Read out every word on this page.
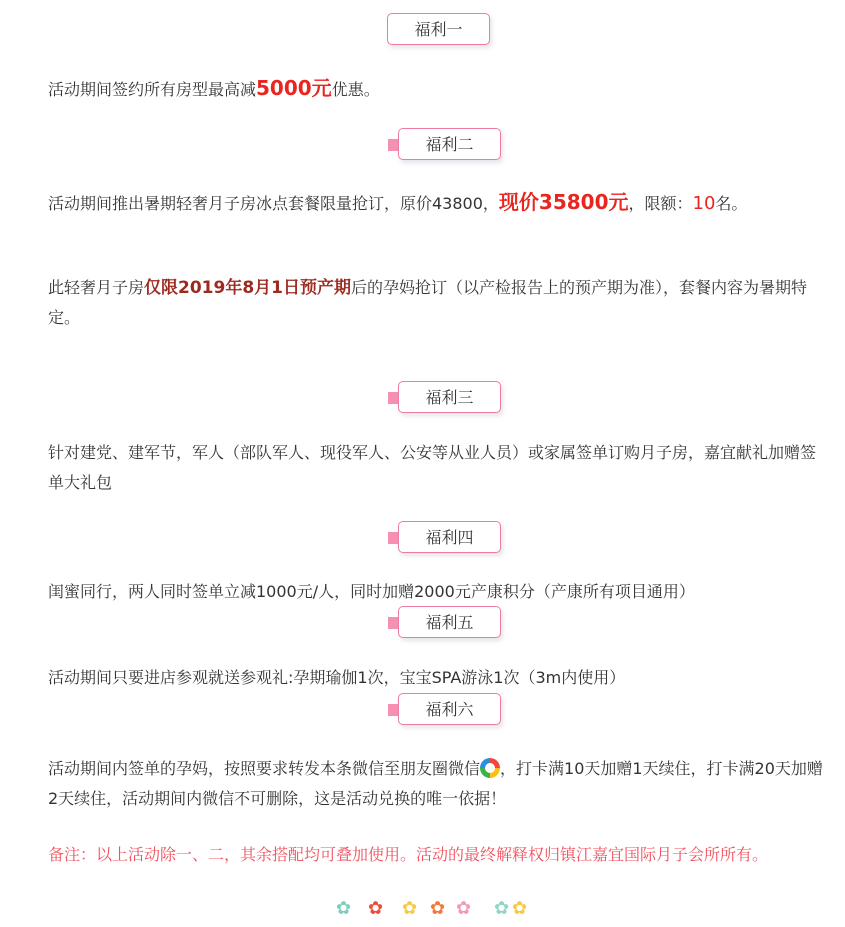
福利一

活动期间签约所有房型最高减5000元优惠。

福利二

活动期间推出暑期轻奢月子房冰点套餐限量抢订，原价43800，现价35800元，限额：10名。

此轻奢月子房仅限2019年8月1日预产期后的孕妈抢订（以产检报告上的预产期为准），套餐内容为暑期特定。

福利三

针对建党、建军节，军人（部队军人、现役军人、公安等从业人员）或家属签单订购月子房，嘉宜献礼加赠签单大礼包

福利四

闺蜜同行，两人同时签单立减1000元/人，同时加赠2000元产康积分（产康所有项目通用）

福利五

活动期间只要进店参观就送参观礼:孕期瑜伽1次，宝宝SPA游泳1次（3m内使用）

福利六

活动期间内签单的孕妈，按照要求转发本条微信至朋友圈微信 ，打卡满10天加赠1天续住，打卡满20天加赠2天续住，活动期间内微信不可删除，这是活动兑换的唯一依据！

备注：以上活动除一、二，其余搭配均可叠加使用。活动的最终解释权归镇江嘉宜国际月子会所所有。

✿ ✿ ✿ ✿ ✿ ✿ ✿
